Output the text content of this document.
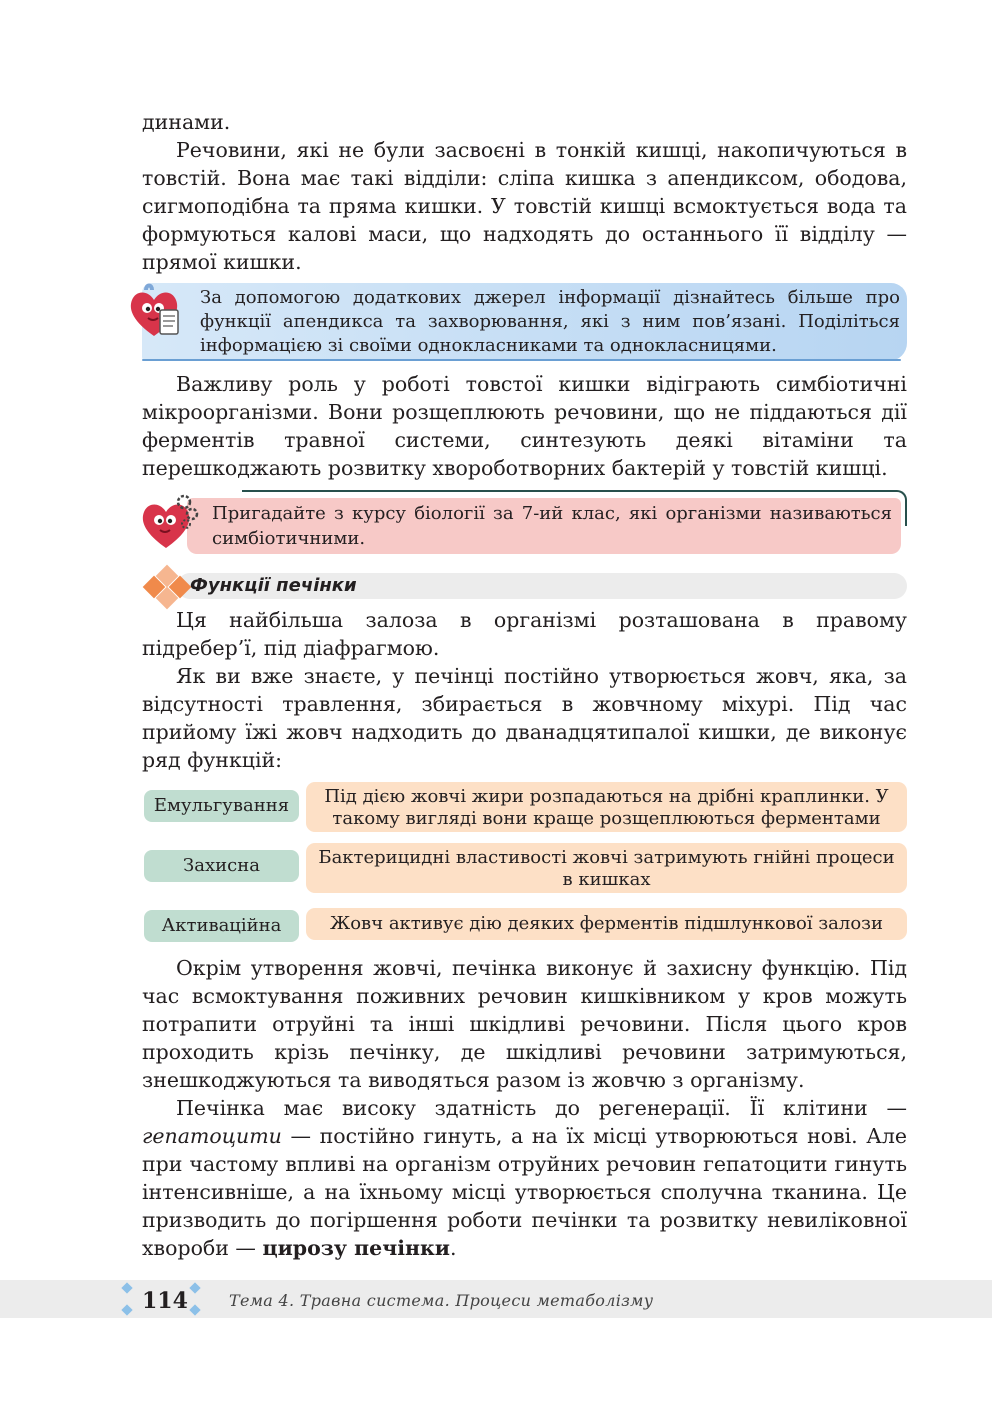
динами.

Речовини, які не були засвоєні в тонкій кишці, накопичуються в товстій. Вона має такі відділи: сліпа кишка з апендиксом, ободова, сигмоподібна та пряма кишки. У товстій кишці всмоктується вода та формуються калові маси, що надходять до останнього її відділу — прямої кишки.

За допомогою додаткових джерел інформації дізнайтесь більше про функції апендикса та захворювання, які з ним пов’язані. Поділіться інформацією зі своїми однокласниками та однокласницями.

Важливу роль у роботі товстої кишки відіграють симбіотичні мікроорганізми. Вони розщеплюють речовини, що не піддаються дії ферментів травної системи, синтезують деякі вітаміни та перешкоджають розвитку хвороботворних бактерій у товстій кишці.

Пригадайте з курсу біології за 7-ий клас, які організми називаються симбіотичними.
Функції печінки

Ця найбільша залоза в організмі розташована в правому підребер’ї, під діафрагмою.

Як ви вже знаєте, у печінці постійно утворюється жовч, яка, за відсутності травлення, збирається в жовчному міхурі. Під час прийому їжі жовч надходить до дванадцятипалої кишки, де виконує ряд функцій:

Емульгування	Під дією жовчі жири розпадаються на дрібні краплинки. У такому вигляді вони краще розщеплюються ферментами
Захисна	Бактерицидні властивості жовчі затримують гнійні процеси в кишках
Активаційна	Жовч активує дію деяких ферментів підшлункової залози

Окрім утворення жовчі, печінка виконує й захисну функцію. Під час всмоктування поживних речовин кишківником у кров можуть потрапити отруйні та інші шкідливі речовини. Після цього кров проходить крізь печінку, де шкідливі речовини затримуються, знешкоджуються та виводяться разом із жовчю з організму.

Печінка має високу здатність до регенерації. Її клітини — гепатоцити — постійно гинуть, а на їх місці утворюються нові. Але при частому впливі на організм отруйних речовин гепатоцити гинуть інтенсивніше, а на їхньому місці утворюється сполучна тканина. Це призводить до погіршення роботи печінки та розвитку невиліковної хвороби — цирозу печінки.

114	Тема 4. Травна система. Процеси метаболізму
